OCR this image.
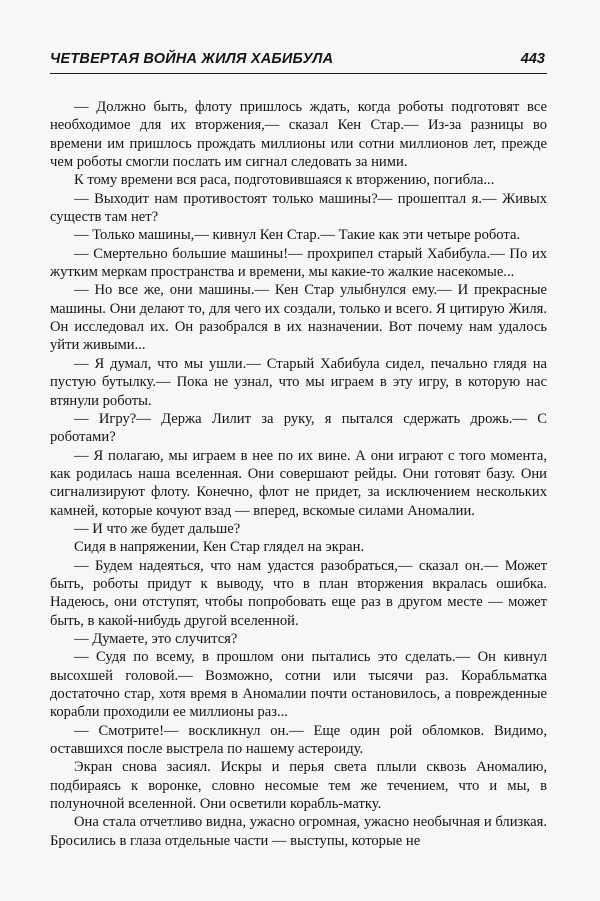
ЧЕТВЕРТАЯ ВОЙНА ЖИЛЯ ХАБИБУЛА	443

— Должно быть, флоту пришлось ждать, когда роботы подготовят все необходимое для их вторжения,— сказал Кен Стар.— Из-за разницы во времени им пришлось прождать миллионы или сотни миллионов лет, прежде чем роботы смогли послать им сигнал следовать за ними.

К тому времени вся раса, подготовившаяся к вторжению, погибла...

— Выходит нам противостоят только машины?— прошептал я.— Живых существ там нет?

— Только машины,— кивнул Кен Стар.— Такие как эти четыре робота.

— Смертельно большие машины!— прохрипел старый Хабибула.— По их жутким меркам пространства и времени, мы какие-то жалкие насекомые...

— Но все же, они машины.— Кен Стар улыбнулся ему.— И прекрасные машины. Они делают то, для чего их создали, только и всего. Я цитирую Жиля. Он исследовал их. Он разобрался в их назначении. Вот почему нам удалось уйти живыми...

— Я думал, что мы ушли.— Старый Хабибула сидел, печально глядя на пустую бутылку.— Пока не узнал, что мы играем в эту игру, в которую нас втянули роботы.

— Игру?— Держа Лилит за руку, я пытался сдержать дрожь.— С роботами?

— Я полагаю, мы играем в нее по их вине. А они играют с того момента, как родилась наша вселенная. Они совершают рейды. Они готовят базу. Они сигнализируют флоту. Конечно, флот не придет, за исключением нескольких камней, которые кочуют взад — вперед, вскомые силами Аномалии.

— И что же будет дальше?

Сидя в напряжении, Кен Стар глядел на экран.

— Будем надеяться, что нам удастся разобраться,— сказал он.— Может быть, роботы придут к выводу, что в план вторжения вкралась ошибка. Надеюсь, они отступят, чтобы попробовать еще раз в другом месте — может быть, в какой-нибудь другой вселенной.

— Думаете, это случится?

— Судя по всему, в прошлом они пытались это сделать.— Он кивнул высохшей головой.— Возможно, сотни или тысячи раз. Корабльматка достаточно стар, хотя время в Аномалии почти остановилось, а поврежденные корабли проходили ее миллионы раз...

— Смотрите!— воскликнул он.— Еще один рой обломков. Видимо, оставшихся после выстрела по нашему астероиду.

Экран снова засиял. Искры и перья света плыли сквозь Аномалию, подбираясь к воронке, словно несомые тем же течением, что и мы, в полуночной вселенной. Они осветили корабль-матку.

Она стала отчетливо видна, ужасно огромная, ужасно необычная и близкая. Бросились в глаза отдельные части — выступы, которые не
